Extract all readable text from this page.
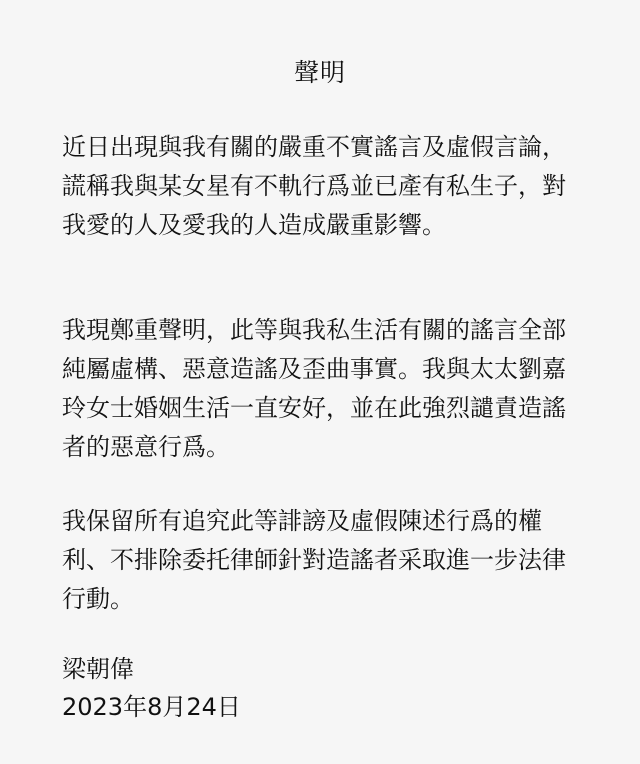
聲明

近日出現與我有關的嚴重不實謠言及虛假言論，謊稱我與某女星有不軌行爲並已產有私生子，對我愛的人及愛我的人造成嚴重影響。

我現鄭重聲明，此等與我私生活有關的謠言全部純屬虛構、惡意造謠及歪曲事實。我與太太劉嘉玲女士婚姻生活一直安好，並在此強烈譴責造謠者的惡意行爲。

我保留所有追究此等誹謗及虛假陳述行爲的權利、不排除委托律師針對造謠者采取進一步法律行動。

梁朝偉
2023年8月24日
